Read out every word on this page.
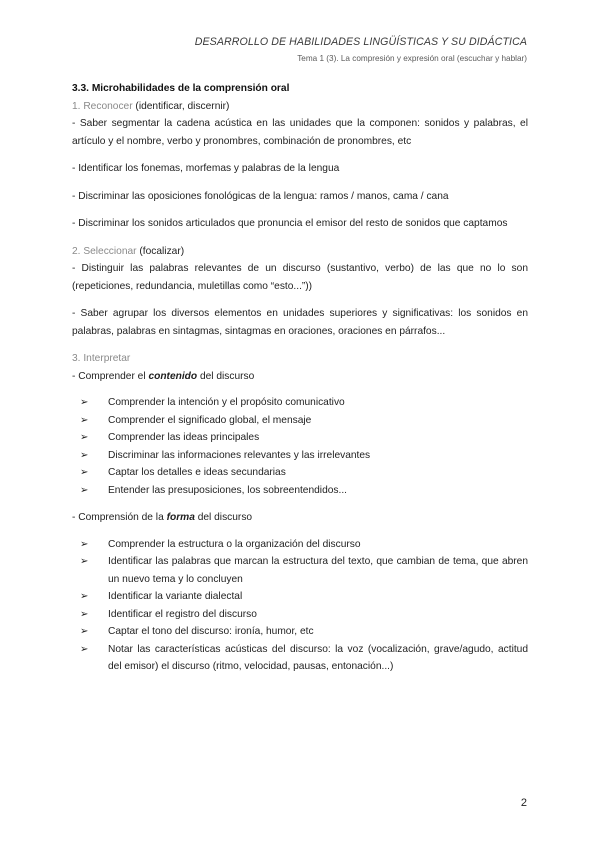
DESARROLLO DE HABILIDADES LINGÜÍSTICAS Y SU DIDÁCTICA
Tema 1 (3). La compresión y expresión oral (escuchar y hablar)

3.3. Microhabilidades de la comprensión oral

1. Reconocer (identificar, discernir)

- Saber segmentar la cadena acústica en las unidades que la componen: sonidos y palabras, el artículo y el nombre, verbo y pronombres, combinación de pronombres, etc

- Identificar los fonemas, morfemas y palabras de la lengua

- Discriminar las oposiciones fonológicas de la lengua: ramos / manos, cama / cana

- Discriminar los sonidos articulados que pronuncia el emisor del resto de sonidos que captamos

2. Seleccionar (focalizar)

- Distinguir las palabras relevantes de un discurso (sustantivo, verbo) de las que no lo son (repeticiones, redundancia, muletillas como “esto...”))

- Saber agrupar los diversos elementos en unidades superiores y significativas: los sonidos en palabras, palabras en sintagmas, sintagmas en oraciones, oraciones en párrafos...

3. Interpretar

- Comprender el contenido del discurso

➢ Comprender la intención y el propósito comunicativo
➢ Comprender el significado global, el mensaje
➢ Comprender las ideas principales
➢ Discriminar las informaciones relevantes y las irrelevantes
➢ Captar los detalles e ideas secundarias
➢ Entender las presuposiciones, los sobreentendidos...

- Comprensión de la forma del discurso

➢ Comprender la estructura o la organización del discurso
➢ Identificar las palabras que marcan la estructura del texto, que cambian de tema, que abren un nuevo tema y lo concluyen
➢ Identificar la variante dialectal
➢ Identificar el registro del discurso
➢ Captar el tono del discurso: ironía, humor, etc
➢ Notar las características acústicas del discurso: la voz (vocalización, grave/agudo, actitud del emisor) el discurso (ritmo, velocidad, pausas, entonación...)
2
